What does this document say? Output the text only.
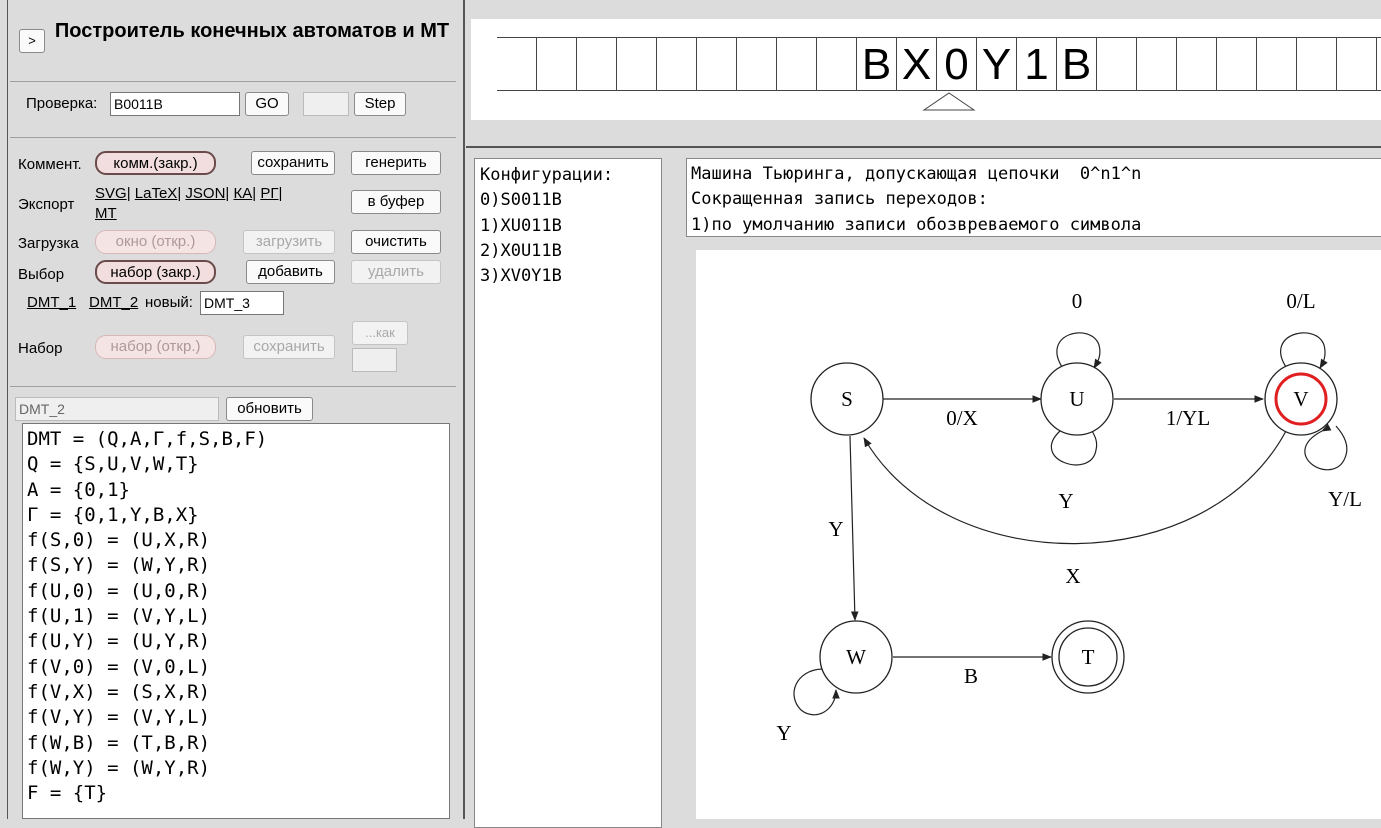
> Построитель конечных автоматов и МТ
Проверка: B0011B	GO	Step
Коммент.	комм.(закр.)	сохранить	генерить
Экспорт
SVG| LaTeX| JSON| КА| РГ|
МТ
в буфер
Загрузка	окно (откр.)	загрузить	очистить
Выбор	набор (закр.)	добавить	удалить
DMT_1 DMT_2 новый: DMT_3
Набор	набор (откр.)	сохранить
...как
DMT_2	обновить
DMT = (Q,A,Γ,f,S,B,F)
Q = {S,U,V,W,T}
A = {0,1}
Γ = {0,1,Y,B,X}
f(S,0) = (U,X,R)
f(S,Y) = (W,Y,R)
f(U,0) = (U,0,R)
f(U,1) = (V,Y,L)
f(U,Y) = (U,Y,R)
f(V,0) = (V,0,L)
f(V,X) = (S,X,R)
f(V,Y) = (V,Y,L)
f(W,B) = (T,B,R)
f(W,Y) = (W,Y,R)
F = {T}
B X 0 Y 1 B
Конфигурации:
0)S0011B
1)XU011B
2)X0U11B
3)XV0Y1B
Машина Тьюринга, допускающая цепочки  0^n1^n
Сокращенная запись переходов:
1)по умолчанию записи обозвреваемого символа
0/X
0
Y
1/YL
0/L
Y/L
X
Y
Y
B
S	U	V
W	T
